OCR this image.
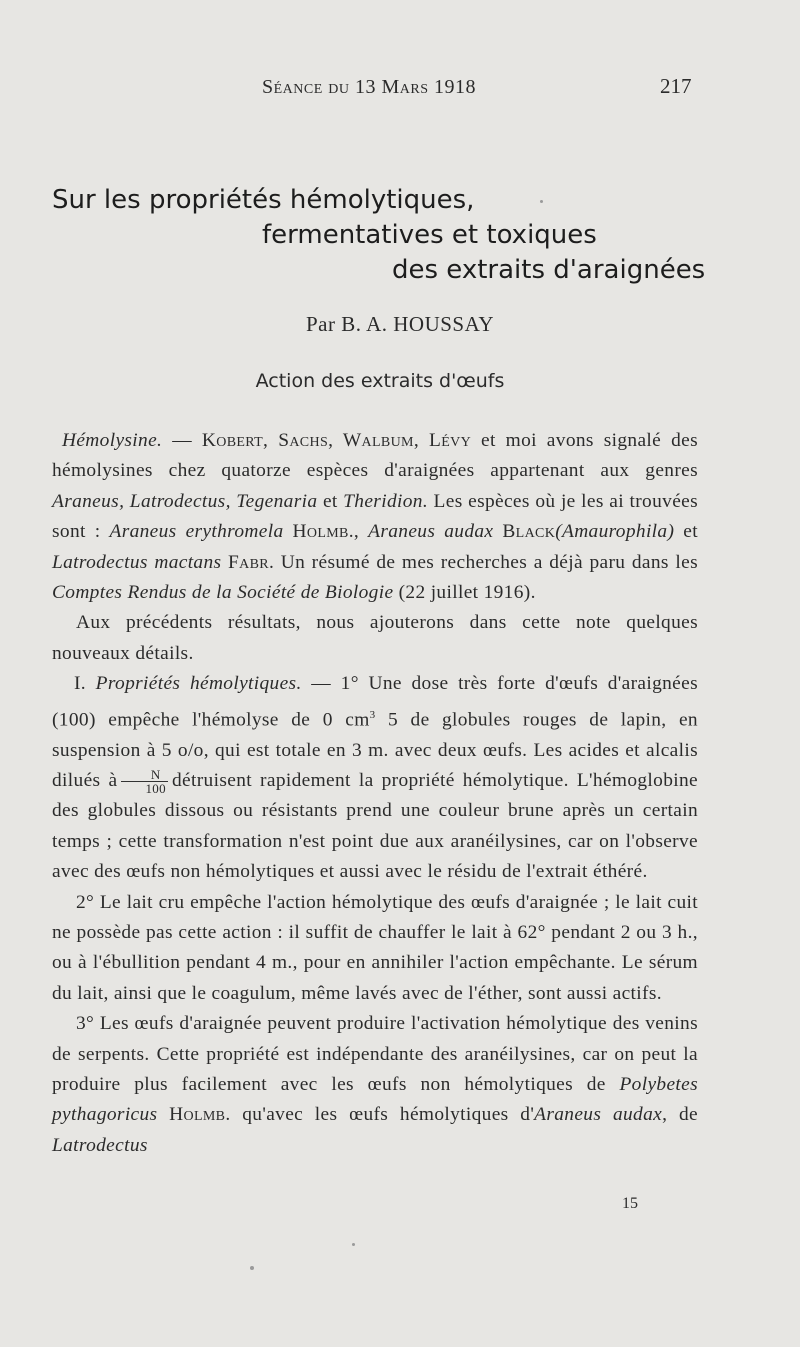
Séance du 13 Mars 1918	217
Sur les propriétés hémolytiques,
fermentatives et toxiques
des extraits d'araignées
Par B. A. HOUSSAY
Action des extraits d'œufs

Hémolysine. — Kobert, Sachs, Walbum, Lévy et moi avons signalé des hémolysines chez quatorze espèces d'araignées appartenant aux genres Araneus, Latrodectus, Tegenaria et Theridion. Les espèces où je les ai trouvées sont : Araneus erythromela Holmb., Araneus audax Black(Amaurophila) et Latrodectus mactans Fabr. Un résumé de mes recherches a déjà paru dans les Comptes Rendus de la Société de Biologie (22 juillet 1916).

Aux précédents résultats, nous ajouterons dans cette note quelques nouveaux détails.

I. Propriétés hémolytiques. — 1° Une dose très forte d'œufs d'araignées (100) empêche l'hémolyse de 0 $cm^3$ 5 de globules rouges de lapin, en suspension à 5 o/o, qui est totale en 3 m. avec deux œufs. Les acides et alcalis dilués à $\frac{N}{100}$ détruisent rapidement la propriété hémolytique. L'hémoglobine des globules dissous ou résistants prend une couleur brune après un certain temps ; cette transformation n'est point due aux aranéilysines, car on l'observe avec des œufs non hémolytiques et aussi avec le résidu de l'extrait éthéré.

2° Le lait cru empêche l'action hémolytique des œufs d'araignée ; le lait cuit ne possède pas cette action : il suffit de chauffer le lait à 62° pendant 2 ou 3 h., ou à l'ébullition pendant 4 m., pour en annihiler l'action empêchante. Le sérum du lait, ainsi que le coagulum, même lavés avec de l'éther, sont aussi actifs.

3° Les œufs d'araignée peuvent produire l'activation hémolytique des venins de serpents. Cette propriété est indépendante des aranéilysines, car on peut la produire plus facilement avec les œufs non hémolytiques de Polybetes pythagoricus Holmb. qu'avec les œufs hémolytiques d'Araneus audax, de Latrodectus

15
